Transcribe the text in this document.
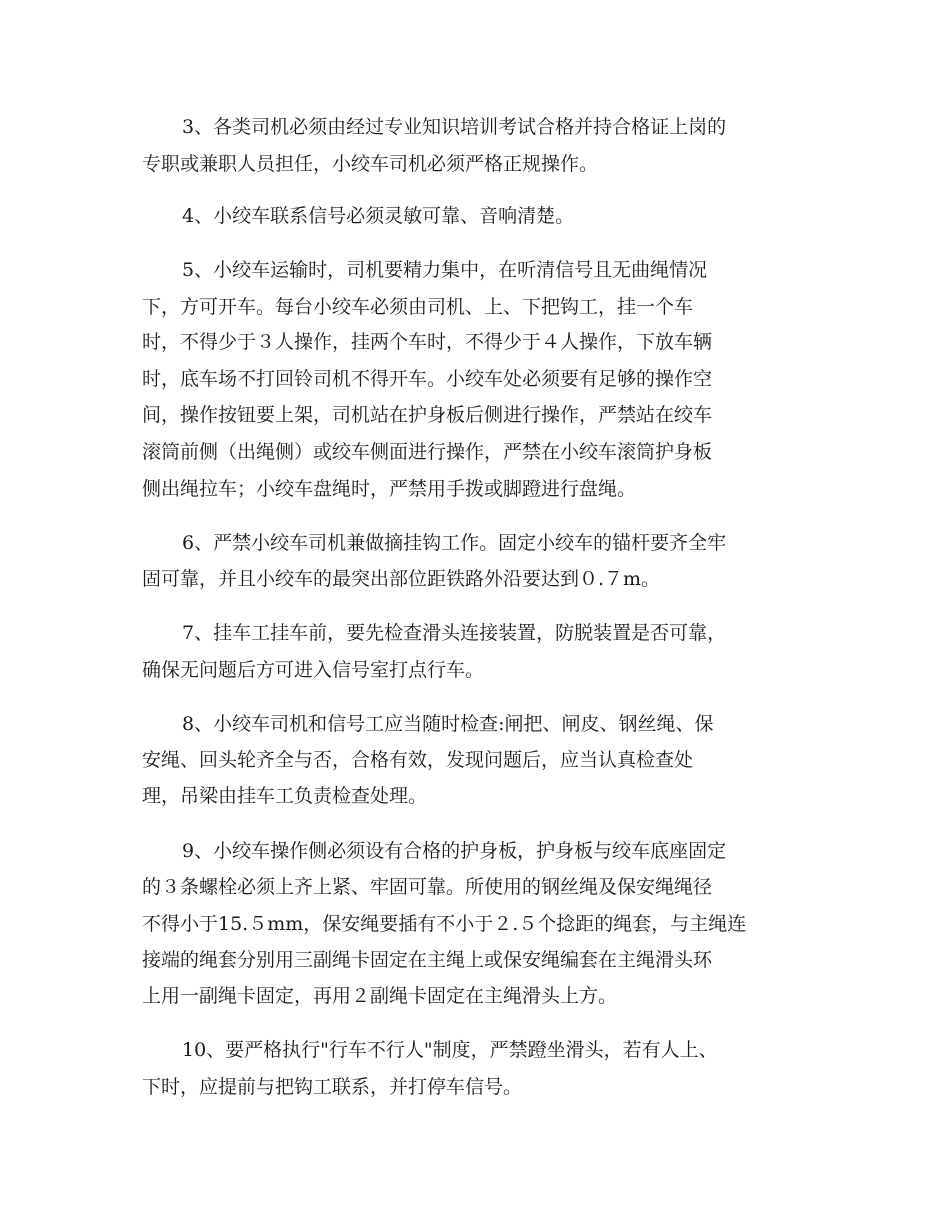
3、各类司机必须由经过专业知识培训考试合格并持合格证上岗的
专职或兼职人员担任，小绞车司机必须严格正规操作。
4、小绞车联系信号必须灵敏可靠、音响清楚。
5、小绞车运输时，司机要精力集中，在听清信号且无曲绳情况
下，方可开车。每台小绞车必须由司机、上、下把钩工，挂一个车
时，不得少于３人操作，挂两个车时，不得少于４人操作，下放车辆
时，底车场不打回铃司机不得开车。小绞车处必须要有足够的操作空
间，操作按钮要上架，司机站在护身板后侧进行操作，严禁站在绞车
滚筒前侧（出绳侧）或绞车侧面进行操作，严禁在小绞车滚筒护身板
侧出绳拉车；小绞车盘绳时，严禁用手拨或脚蹬进行盘绳。
6、严禁小绞车司机兼做摘挂钩工作。固定小绞车的锚杆要齐全牢
固可靠，并且小绞车的最突出部位距铁路外沿要达到０.７m。
7、挂车工挂车前，要先检查滑头连接装置，防脱装置是否可靠，
确保无问题后方可进入信号室打点行车。
8、小绞车司机和信号工应当随时检查:闸把、闸皮、钢丝绳、保
安绳、回头轮齐全与否，合格有效，发现问题后，应当认真检查处
理，吊梁由挂车工负责检查处理。
9、小绞车操作侧必须设有合格的护身板，护身板与绞车底座固定
的３条螺栓必须上齐上紧、牢固可靠。所使用的钢丝绳及保安绳绳径
不得小于15.５mm，保安绳要插有不小于２.５个捻距的绳套，与主绳连
接端的绳套分别用三副绳卡固定在主绳上或保安绳编套在主绳滑头环
上用一副绳卡固定，再用２副绳卡固定在主绳滑头上方。
10、要严格执行"行车不行人"制度，严禁蹬坐滑头，若有人上、
下时，应提前与把钩工联系，并打停车信号。
